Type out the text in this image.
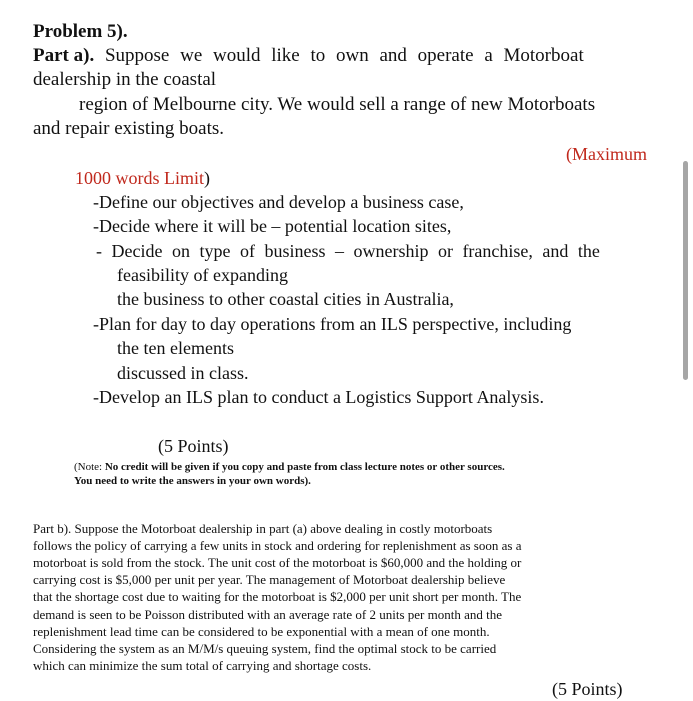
Problem 5).

Part a). Suppose we would like to own and operate a Motorboat

dealership in the coastal

region of Melbourne city. We would sell a range of new Motorboats

and repair existing boats.

(Maximum

1000 words Limit)

-Define our objectives and develop a business case,

-Decide where it will be – potential location sites,

- Decide on type of business – ownership or franchise, and the

feasibility of expanding

the business to other coastal cities in Australia,

-Plan for day to day operations from an ILS perspective, including

the ten elements

discussed in class.

-Develop an ILS plan to conduct a Logistics Support Analysis.

(5 Points)

(Note: No credit will be given if you copy and paste from class lecture notes or other sources.

You need to write the answers in your own words).

Part b). Suppose the Motorboat dealership in part (a) above dealing in costly motorboats

follows the policy of carrying a few units in stock and ordering for replenishment as soon as a

motorboat is sold from the stock. The unit cost of the motorboat is $60,000 and the holding or

carrying cost is $5,000 per unit per year. The management of Motorboat dealership believe

that the shortage cost due to waiting for the motorboat is $2,000 per unit short per month. The

demand is seen to be Poisson distributed with an average rate of 2 units per month and the

replenishment lead time can be considered to be exponential with a mean of one month.

Considering the system as an M/M/s queuing system, find the optimal stock to be carried

which can minimize the sum total of carrying and shortage costs.

(5 Points)
